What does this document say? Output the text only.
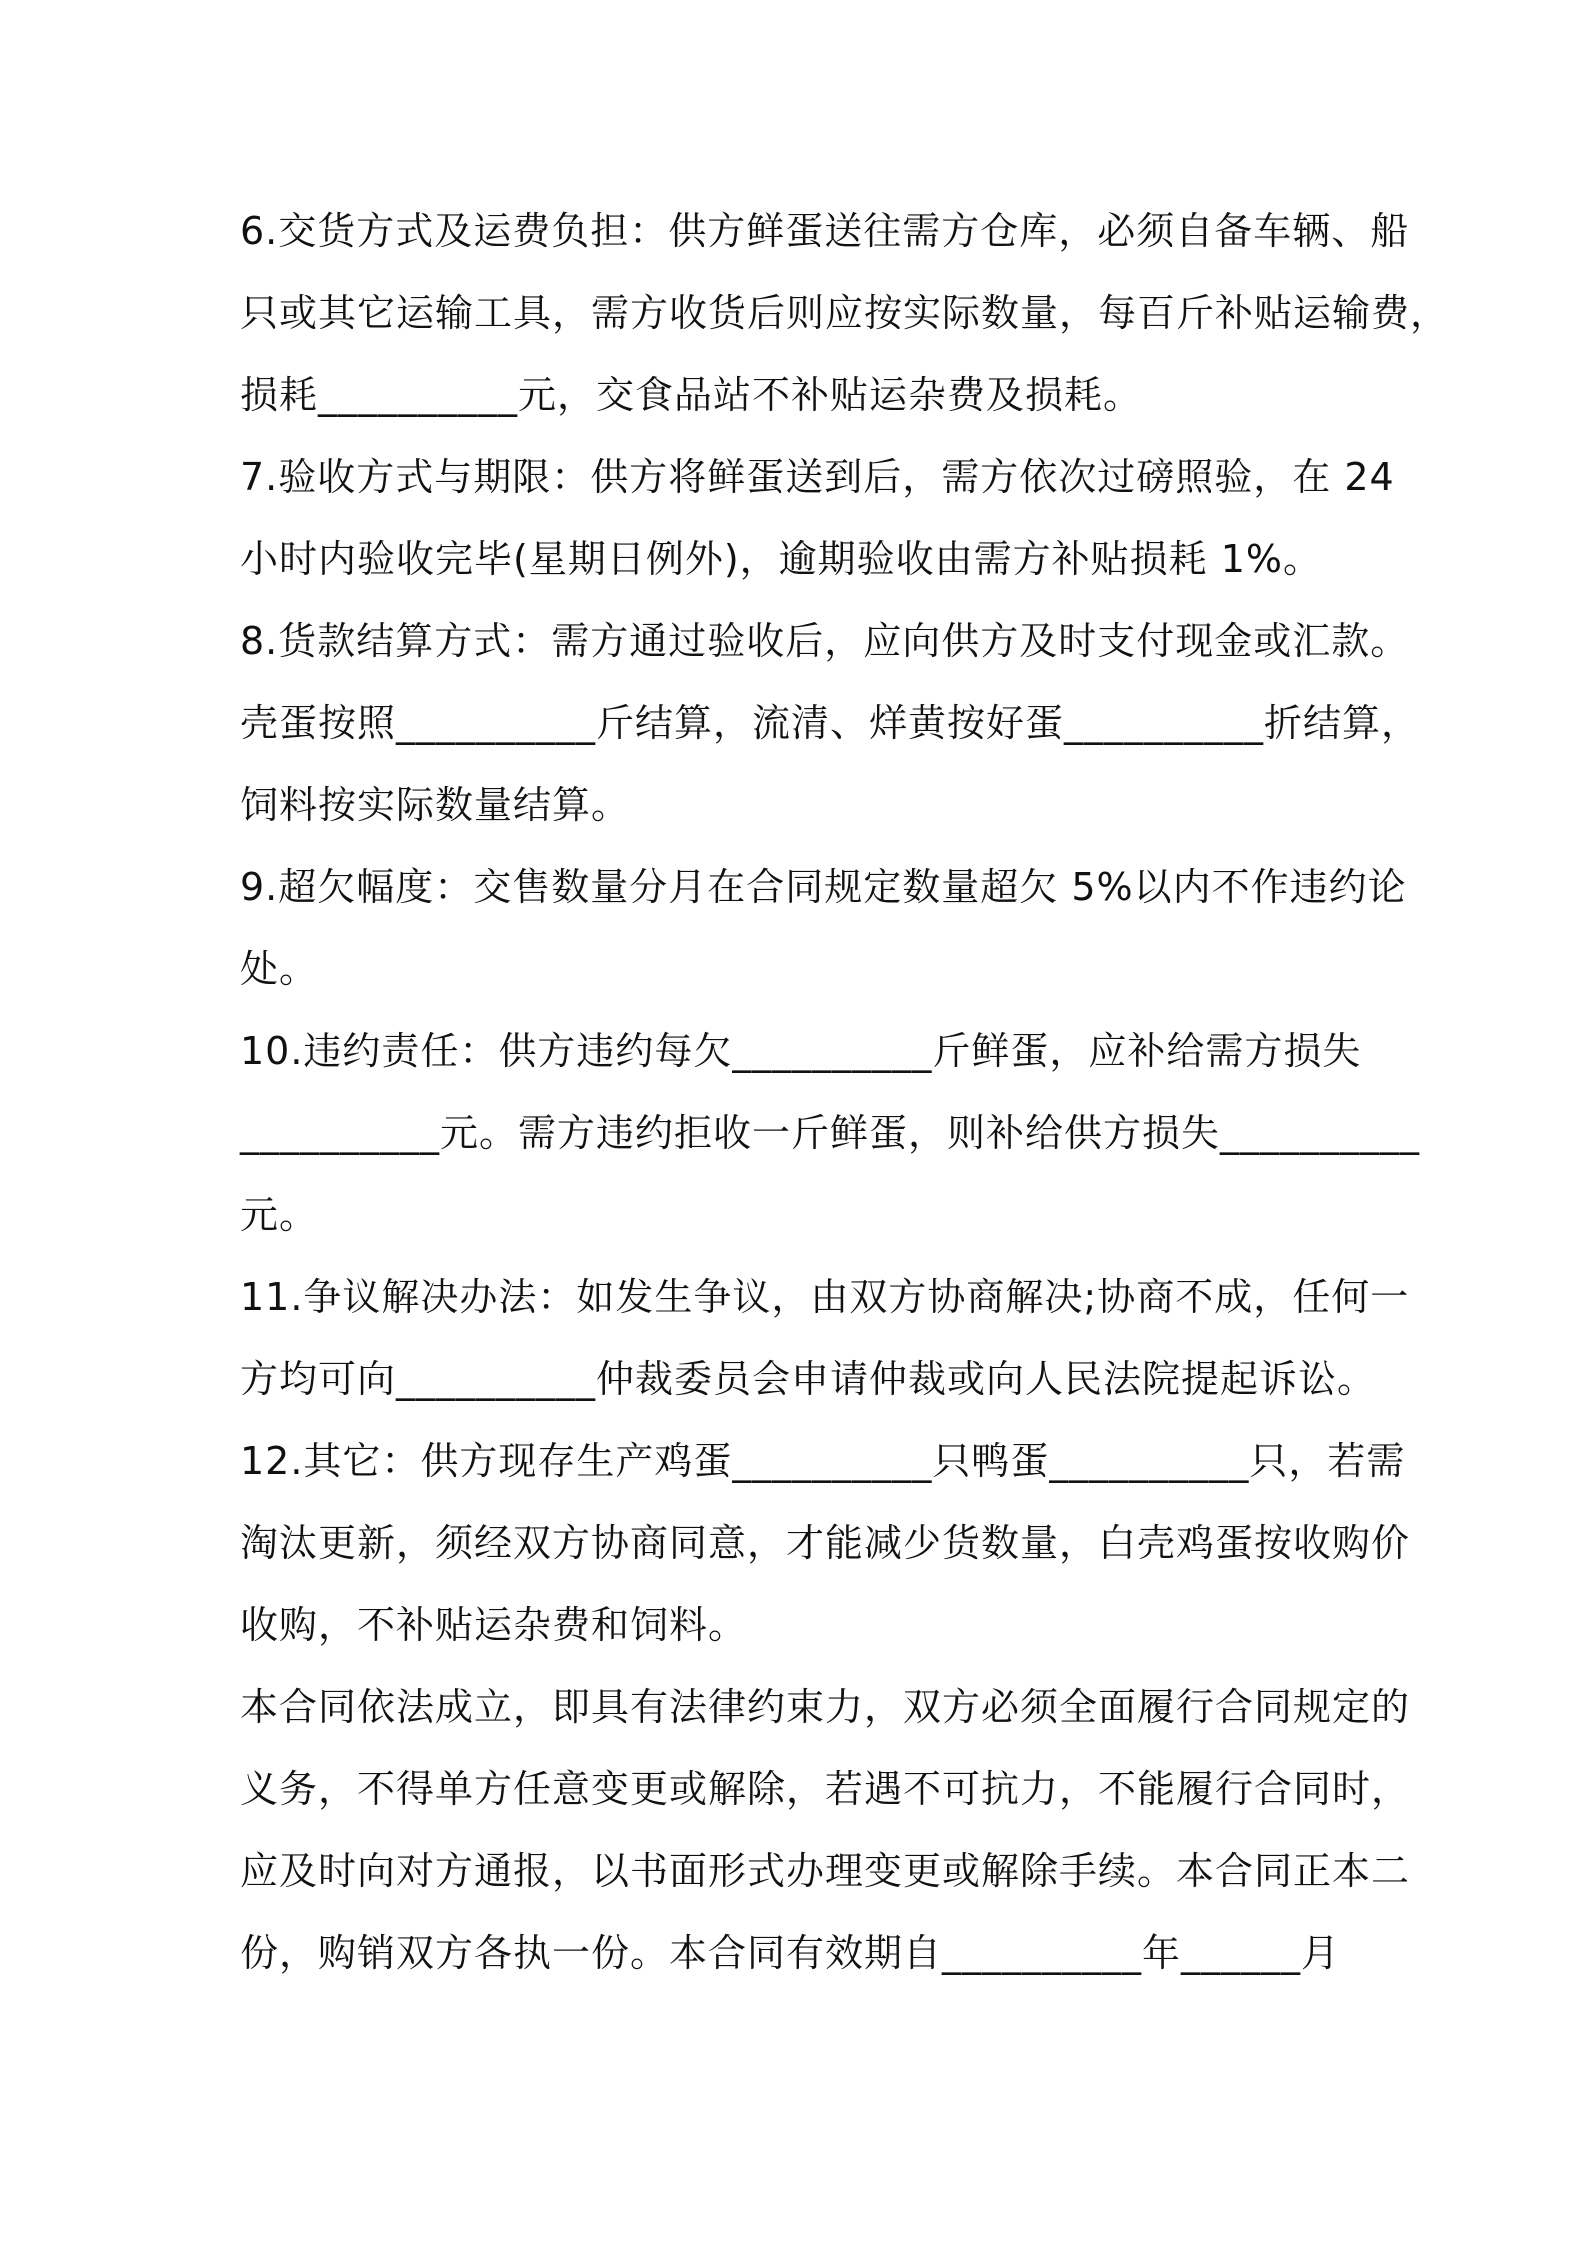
6.交货方式及运费负担：供方鲜蛋送往需方仓库，必须自备车辆、船
只或其它运输工具，需方收货后则应按实际数量，每百斤补贴运输费，
损耗__________元，交食品站不补贴运杂费及损耗。
7.验收方式与期限：供方将鲜蛋送到后，需方依次过磅照验，在 24
小时内验收完毕(星期日例外)，逾期验收由需方补贴损耗 1%。
8.货款结算方式：需方通过验收后，应向供方及时支付现金或汇款。
壳蛋按照__________斤结算，流清、烊黄按好蛋__________折结算，
饲料按实际数量结算。
9.超欠幅度：交售数量分月在合同规定数量超欠 5%以内不作违约论
处。
10.违约责任：供方违约每欠__________斤鲜蛋，应补给需方损失
__________元。需方违约拒收一斤鲜蛋，则补给供方损失__________
元。
11.争议解决办法：如发生争议，由双方协商解决;协商不成，任何一
方均可向__________仲裁委员会申请仲裁或向人民法院提起诉讼。
12.其它：供方现存生产鸡蛋__________只鸭蛋__________只，若需
淘汰更新，须经双方协商同意，才能减少货数量，白壳鸡蛋按收购价
收购，不补贴运杂费和饲料。
本合同依法成立，即具有法律约束力，双方必须全面履行合同规定的
义务，不得单方任意变更或解除，若遇不可抗力，不能履行合同时，
应及时向对方通报，以书面形式办理变更或解除手续。本合同正本二
份，购销双方各执一份。本合同有效期自__________年______月
